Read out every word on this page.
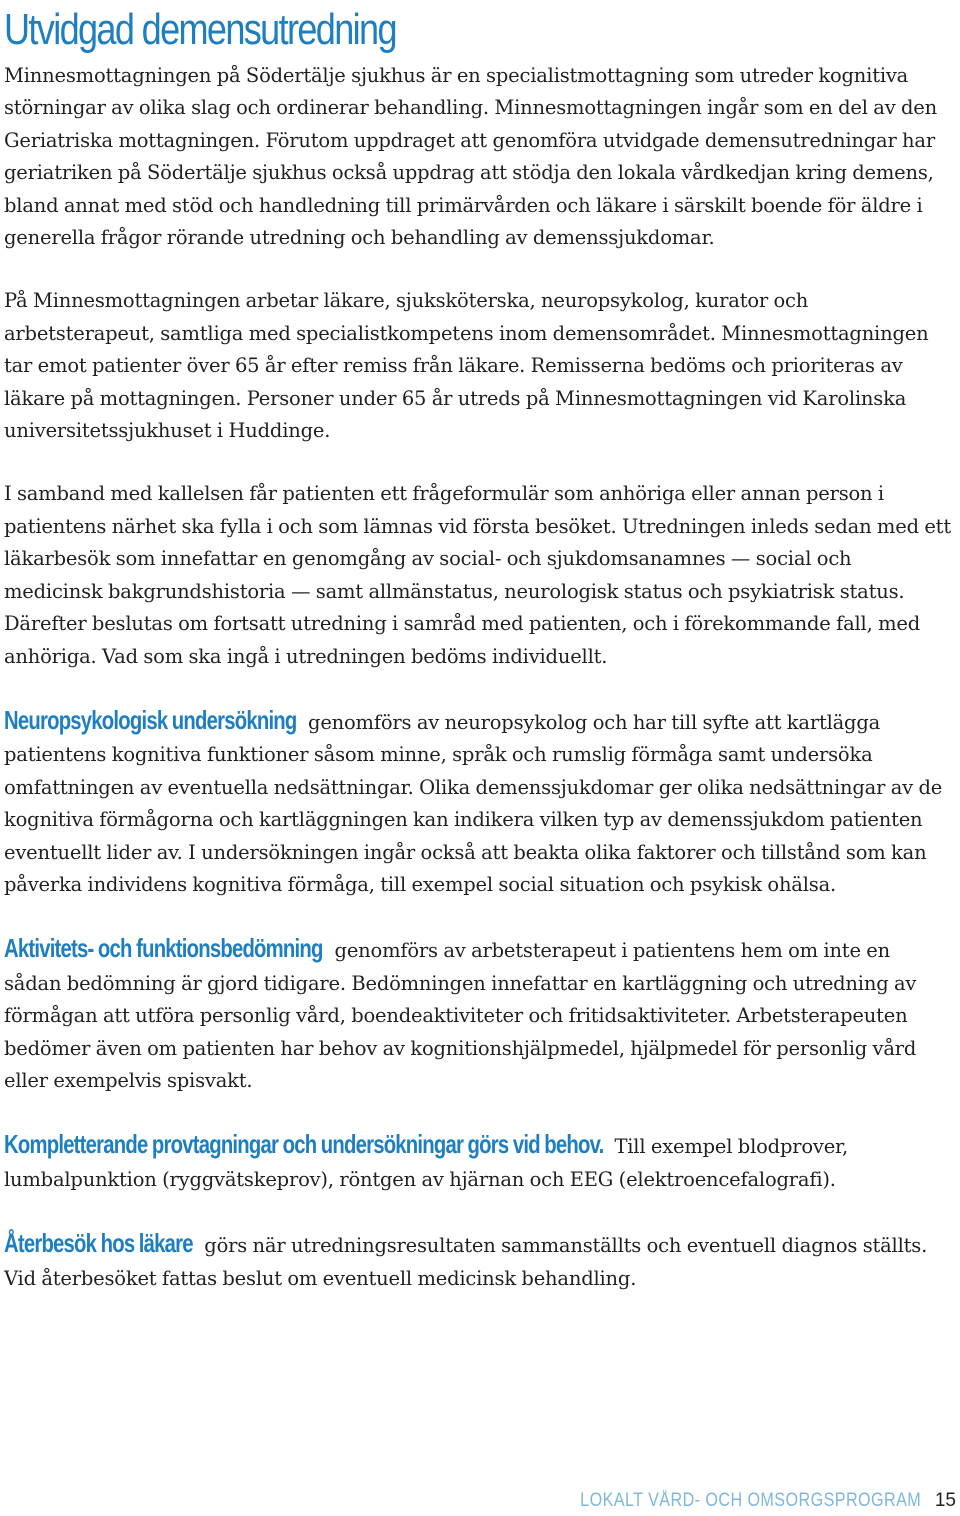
Utvidgad demensutredning

Minnesmottagningen på Södertälje sjukhus är en specialistmottagning som utreder kognitiva störningar av olika slag och ordinerar behandling. Minnesmottagningen ingår som en del av den Geriatriska mottagningen. Förutom uppdraget att genomföra utvidgade demensutredningar har geriatriken på Södertälje sjukhus också uppdrag att stödja den lokala vårdkedjan kring demens, bland annat med stöd och handledning till primärvården och läkare i särskilt boende för äldre i generella frågor rörande utredning och behandling av demenssjukdomar.

På Minnesmottagningen arbetar läkare, sjuksköterska, neuropsykolog, kurator och arbetsterapeut, samtliga med specialistkompetens inom demensområdet. Minnesmottagningen tar emot patienter över 65 år efter remiss från läkare. Remisserna bedöms och prioriteras av läkare på mottagningen. Personer under 65 år utreds på Minnesmottagningen vid Karolinska universitetssjukhuset i Huddinge.

I samband med kallelsen får patienten ett frågeformulär som anhöriga eller annan person i patientens närhet ska fylla i och som lämnas vid första besöket. Utredningen inleds sedan med ett läkarbesök som innefattar en genomgång av social- och sjukdomsanamnes — social och medicinsk bakgrundshistoria — samt allmänstatus, neurologisk status och psykiatrisk status. Därefter beslutas om fortsatt utredning i samråd med patienten, och i förekommande fall, med anhöriga. Vad som ska ingå i utredningen bedöms individuellt.

Neuropsykologisk undersökning genomförs av neuropsykolog och har till syfte att kartlägga patientens kognitiva funktioner såsom minne, språk och rumslig förmåga samt undersöka omfattningen av eventuella nedsättningar. Olika demenssjukdomar ger olika nedsättningar av de kognitiva förmågorna och kartläggningen kan indikera vilken typ av demenssjukdom patienten eventuellt lider av. I undersökningen ingår också att beakta olika faktorer och tillstånd som kan påverka individens kognitiva förmåga, till exempel social situation och psykisk ohälsa.

Aktivitets- och funktionsbedömning genomförs av arbetsterapeut i patientens hem om inte en sådan bedömning är gjord tidigare. Bedömningen innefattar en kartläggning och utredning av förmågan att utföra personlig vård, boendeaktiviteter och fritidsaktiviteter. Arbetsterapeuten bedömer även om patienten har behov av kognitionshjälpmedel, hjälpmedel för personlig vård eller exempelvis spisvakt.

Kompletterande provtagningar och undersökningar görs vid behov. Till exempel blodprover, lumbalpunktion (ryggvätskeprov), röntgen av hjärnan och EEG (elektroencefalografi).

Återbesök hos läkare görs när utredningsresultaten sammanställts och eventuell diagnos ställts. Vid återbesöket fattas beslut om eventuell medicinsk behandling.

LOKALT VÅRD- OCH OMSORGSPROGRAM 15
